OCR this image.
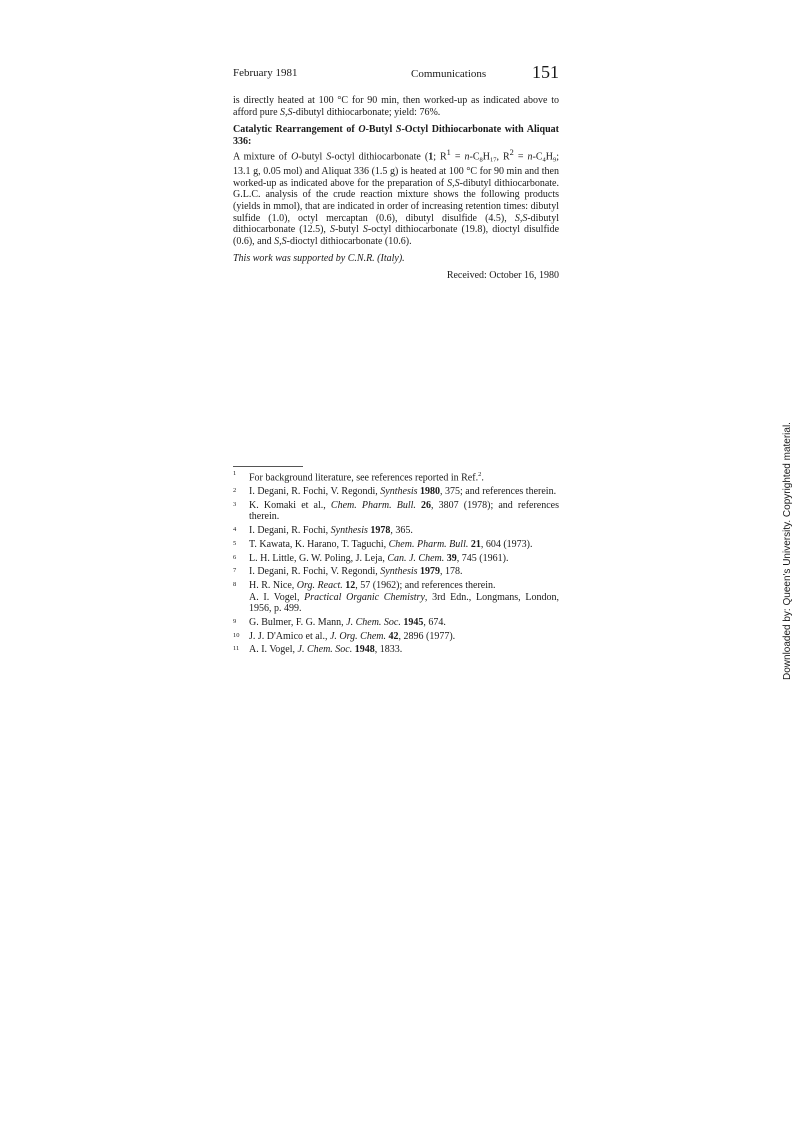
February 1981	Communications	151

is directly heated at 100 °C for 90 min, then worked-up as indicated above to afford pure S,S-dibutyl dithiocarbonate; yield: 76%.

Catalytic Rearrangement of O-Butyl S-Octyl Dithiocarbonate with Aliquat 336:

A mixture of O-butyl S-octyl dithiocarbonate (1; $R^1 = n-C_8H_{17}$, $R^2 = n-C_4H_9$; 13.1 g, 0.05 mol) and Aliquat 336 (1.5 g) is heated at 100 °C for 90 min and then worked-up as indicated above for the preparation of S,S-dibutyl dithiocarbonate. G.L.C. analysis of the crude reaction mixture shows the following products (yields in mmol), that are indicated in order of increasing retention times: dibutyl sulfide (1.0), octyl mercaptan (0.6), dibutyl disulfide (4.5), S,S-dibutyl dithiocarbonate (12.5), S-butyl S-octyl dithiocarbonate (19.8), dioctyl disulfide (0.6), and S,S-dioctyl dithiocarbonate (10.6).

This work was supported by C.N.R. (Italy).

Received: October 16, 1980

1 For background literature, see references reported in Ref.$^2$.

2 I. Degani, R. Fochi, V. Regondi, Synthesis 1980, 375; and references therein.

3 K. Komaki et al., Chem. Pharm. Bull. 26, 3807 (1978); and references therein.

4 I. Degani, R. Fochi, Synthesis 1978, 365.

5 T. Kawata, K. Harano, T. Taguchi, Chem. Pharm. Bull. 21, 604 (1973).

6 L. H. Little, G. W. Poling, J. Leja, Can. J. Chem. 39, 745 (1961).

7 I. Degani, R. Fochi, V. Regondi, Synthesis 1979, 178.

8 H. R. Nice, Org. React. 12, 57 (1962); and references therein.

A. I. Vogel, Practical Organic Chemistry, 3rd Edn., Longmans, London, 1956, p. 499.

9 G. Bulmer, F. G. Mann, J. Chem. Soc. 1945, 674.

10 J. J. D'Amico et al., J. Org. Chem. 42, 2896 (1977).

11 A. I. Vogel, J. Chem. Soc. 1948, 1833.	Downloaded by: Queen's University. Copyrighted material.
